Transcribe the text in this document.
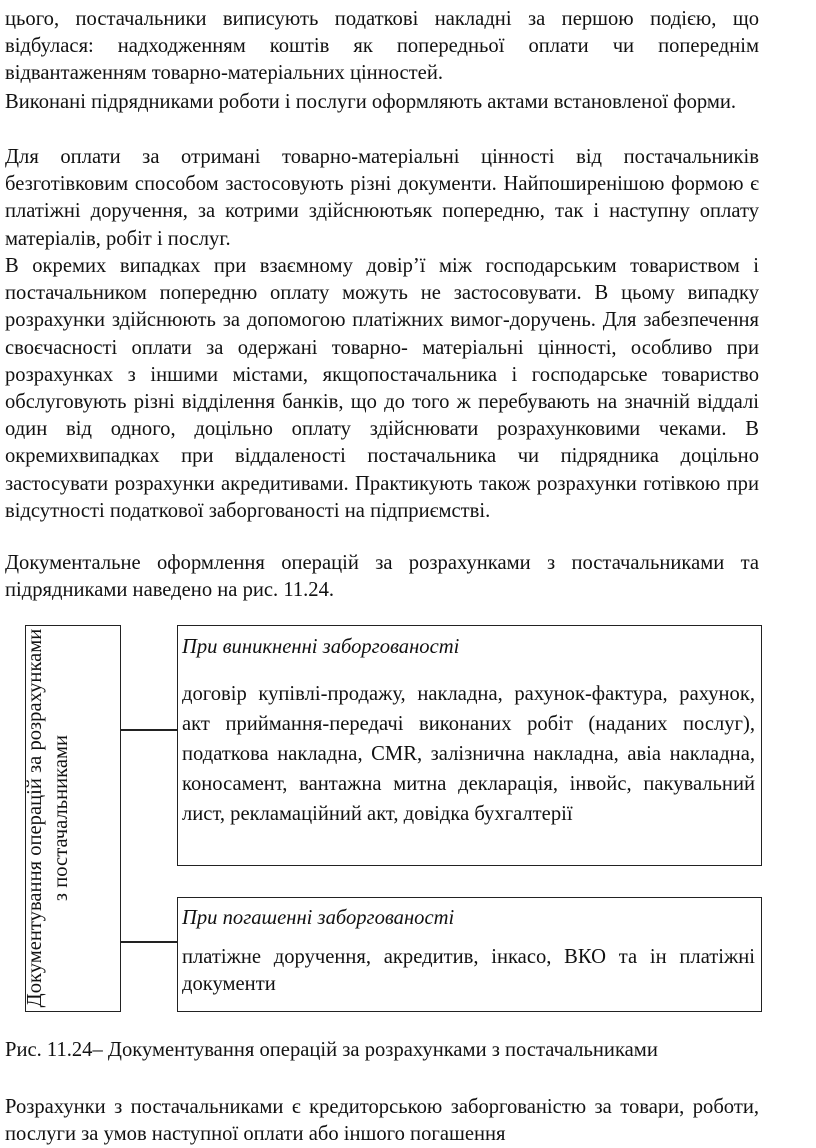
цього, постачальники виписують податкові накладні за першою подією, що відбулася: надходженням коштів як попередньої оплати чи попереднім відвантаженням товарно-матеріальних цінностей.
Виконані підрядниками роботи і послуги оформляють актами встановленої форми.
Для оплати за отримані товарно-матеріальні цінності від постачальників безготівковим способом застосовують різні документи. Найпоширенішою формою є платіжні доручення, за котрими здійснюютьяк попередню, так і наступну оплату матеріалів, робіт і послуг.
В окремих випадках при взаємному довір’ї між господарським товариством і постачальником попередню оплату можуть не застосовувати. В цьому випадку розрахунки здійснюють за допомогою платіжних вимог-доручень. Для забезпечення своєчасності оплати за одержані товарно- матеріальні цінності, особливо при розрахунках з іншими містами, якщопостачальника і господарське товариство обслуговують різні відділення банків, що до того ж перебувають на значній віддалі один від одного, доцільно оплату здійснювати розрахунковими чеками. В окремихвипадках при віддаленості постачальника чи підрядника доцільно застосувати розрахунки акредитивами. Практикують також розрахунки готівкою при відсутності податкової заборгованості на підприємстві.
Документальне оформлення операцій за розрахунками з постачальниками та підрядниками наведено на рис. 11.24.
Документування операцій за розрахунками з постачальниками
При виникненні заборгованості
договір купівлі-продажу, накладна, рахунок-фактура, рахунок, акт приймання-передачі виконаних робіт (наданих послуг), податкова накладна, CMR, залізнична накладна, авіа накладна, коносамент, вантажна митна декларація, інвойс, пакувальний лист, рекламаційний акт, довідка бухгалтерії
При погашенні заборгованості
платіжне доручення, акредитив, інкасо, ВКО та ін платіжні документи
Рис. 11.24– Документування операцій за розрахунками з постачальниками
Розрахунки з постачальниками є кредиторською заборгованістю за товари, роботи, послуги за умов наступної оплати або іншого погашення
